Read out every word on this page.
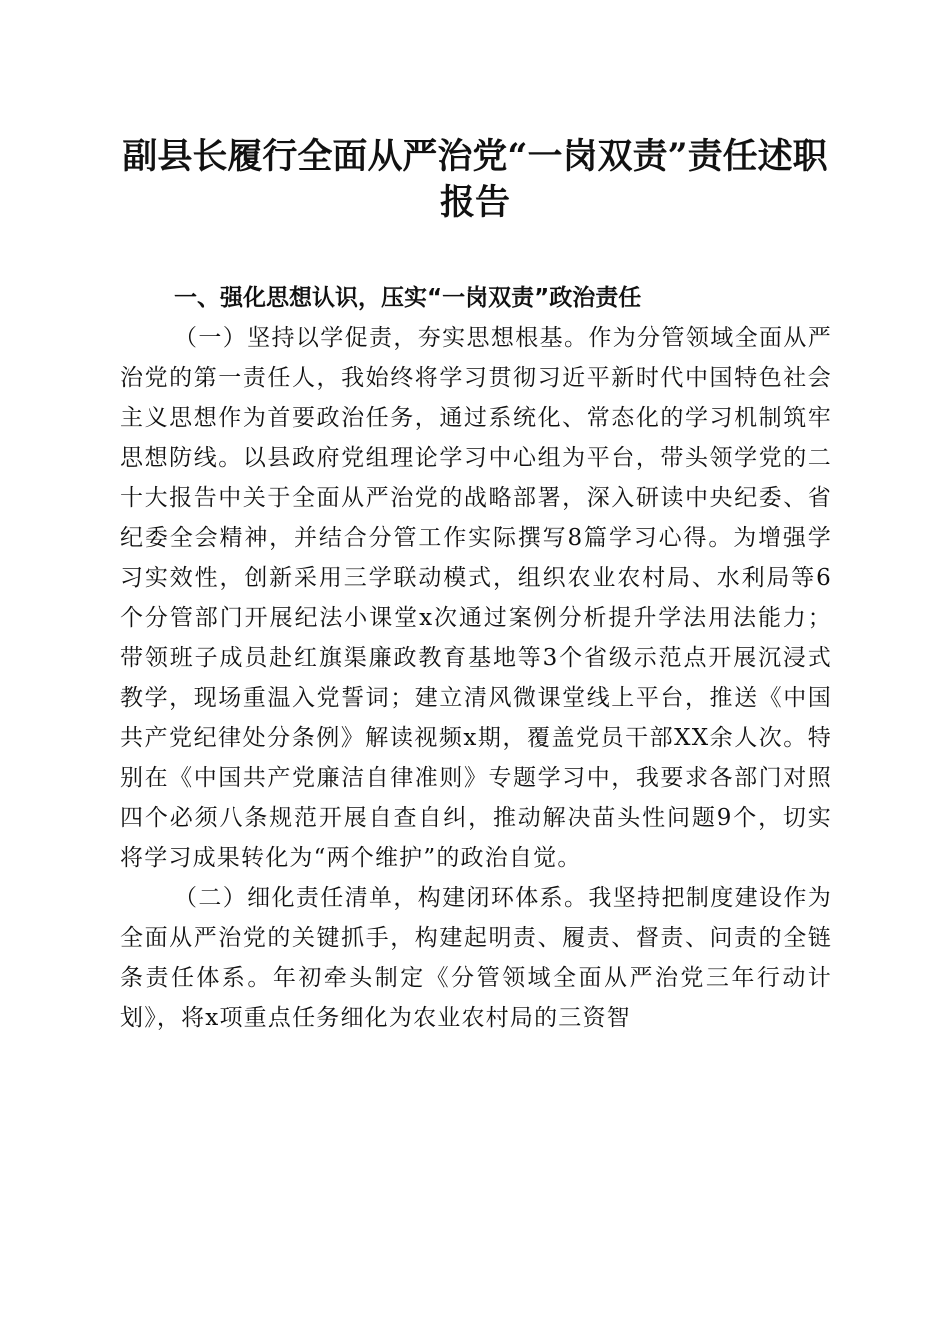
副县长履行全面从严治党“一岗双责”责任述职报告
一、强化思想认识，压实“一岗双责”政治责任

（一）坚持以学促责，夯实思想根基。作为分管领域全面从严治党的第一责任人，我始终将学习贯彻习近平新时代中国特色社会主义思想作为首要政治任务，通过系统化、常态化的学习机制筑牢思想防线。以县政府党组理论学习中心组为平台，带头领学党的二十大报告中关于全面从严治党的战略部署，深入研读中央纪委、省纪委全会精神，并结合分管工作实际撰写8篇学习心得。为增强学习实效性，创新采用三学联动模式，组织农业农村局、水利局等6个分管部门开展纪法小课堂x次通过案例分析提升学法用法能力；带领班子成员赴红旗渠廉政教育基地等3个省级示范点开展沉浸式教学，现场重温入党誓词；建立清风微课堂线上平台，推送《中国共产党纪律处分条例》解读视频x期，覆盖党员干部XX余人次。特别在《中国共产党廉洁自律准则》专题学习中，我要求各部门对照四个必须八条规范开展自查自纠，推动解决苗头性问题9个，切实将学习成果转化为“两个维护”的政治自觉。

（二）细化责任清单，构建闭环体系。我坚持把制度建设作为全面从严治党的关键抓手，构建起明责、履责、督责、问责的全链条责任体系。年初牵头制定《分管领域全面从严治党三年行动计划》，将x项重点任务细化为农业农村局的三资智
